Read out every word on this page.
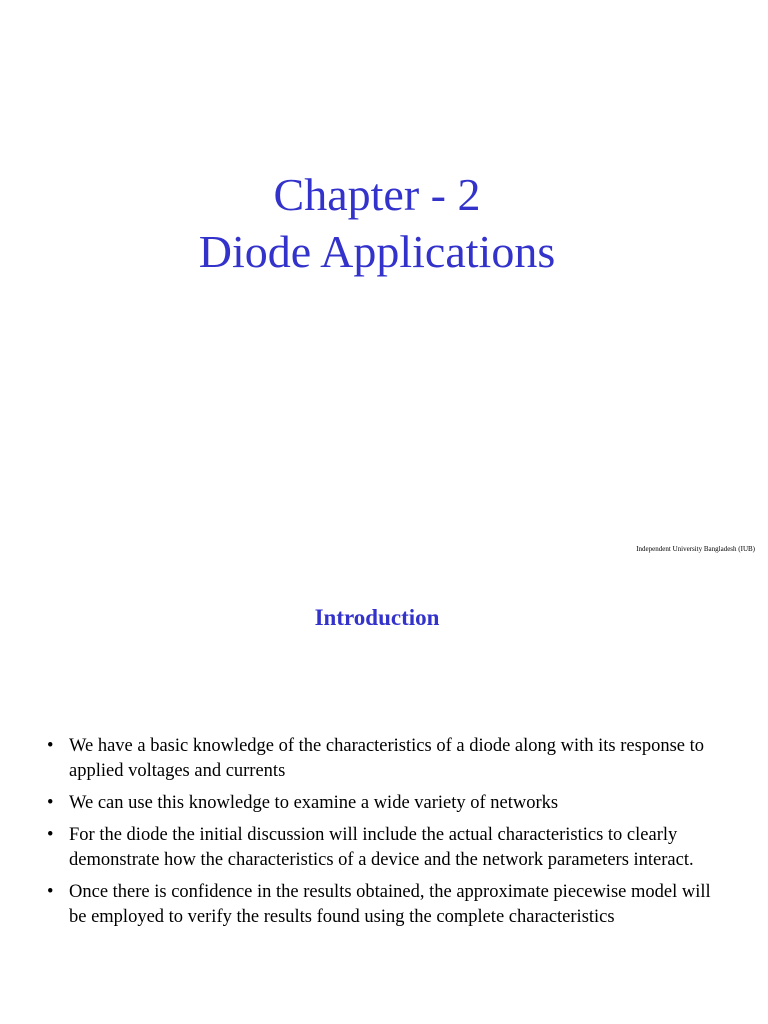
Chapter - 2
Diode Applications
Independent University Bangladesh (IUB)
Introduction
• We have a basic knowledge of the characteristics of a diode along with its response to applied voltages and currents
• We can use this knowledge to examine a wide variety of networks
• For the diode the initial discussion will include the actual characteristics to clearly demonstrate how the characteristics of a device and the network parameters interact.
• Once there is confidence in the results obtained, the approximate piecewise model will be employed to verify the results found using the complete characteristics
